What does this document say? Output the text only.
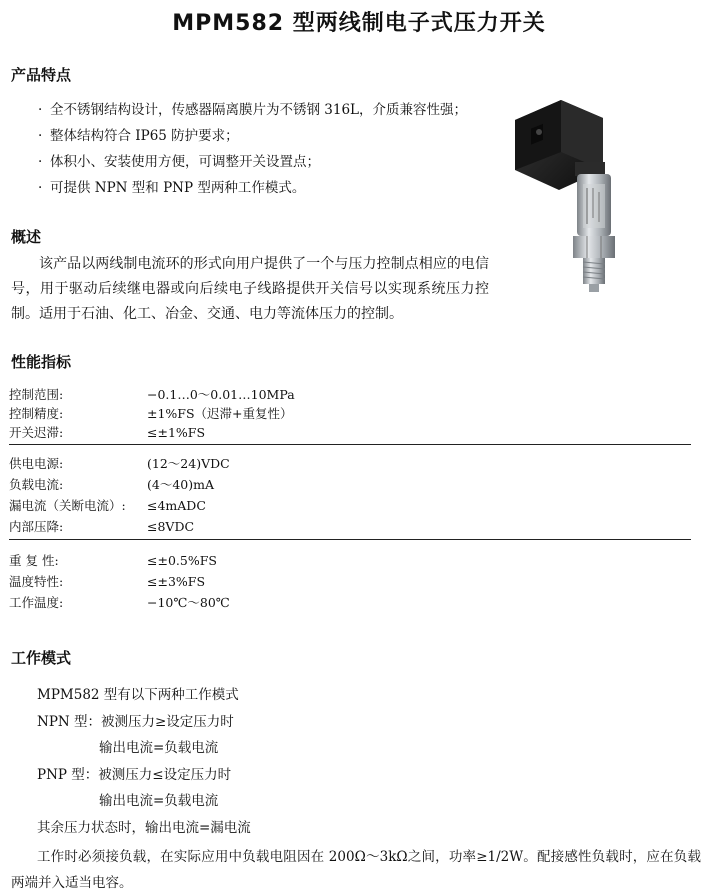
MPM582 型两线制电子式压力开关
产品特点
· 全不锈钢结构设计，传感器隔离膜片为不锈钢 316L，介质兼容性强；
· 整体结构符合 IP65 防护要求；
· 体积小、安装使用方便，可调整开关设置点；
· 可提供 NPN 型和 PNP 型两种工作模式。
概述

该产品以两线制电流环的形式向用户提供了一个与压力控制点相应的电信号，用于驱动后续继电器或向后续电子线路提供开关信号以实现系统压力控制。适用于石油、化工、冶金、交通、电力等流体压力的控制。

性能指标
控制范围:	−0.1…0～0.01…10MPa
控制精度:	±1%FS（迟滞+重复性）
开关迟滞:	≤±1%FS
供电电源:	(12～24)VDC
负载电流:	(4～40)mA
漏电流（关断电流）: ≤4mADC
内部压降:	≤8VDC
重 复 性:	≤±0.5%FS
温度特性:	≤±3%FS
工作温度:	−10℃～80℃
工作模式
MPM582 型有以下两种工作模式
NPN 型：被测压力≥设定压力时
输出电流=负载电流
PNP 型：被测压力≤设定压力时
输出电流=负载电流
其余压力状态时，输出电流=漏电流

工作时必须接负载，在实际应用中负载电阻因在 200Ω～3kΩ之间，功率≥1/2W。配接感性负载时，应在负载两端并入适当电容。
